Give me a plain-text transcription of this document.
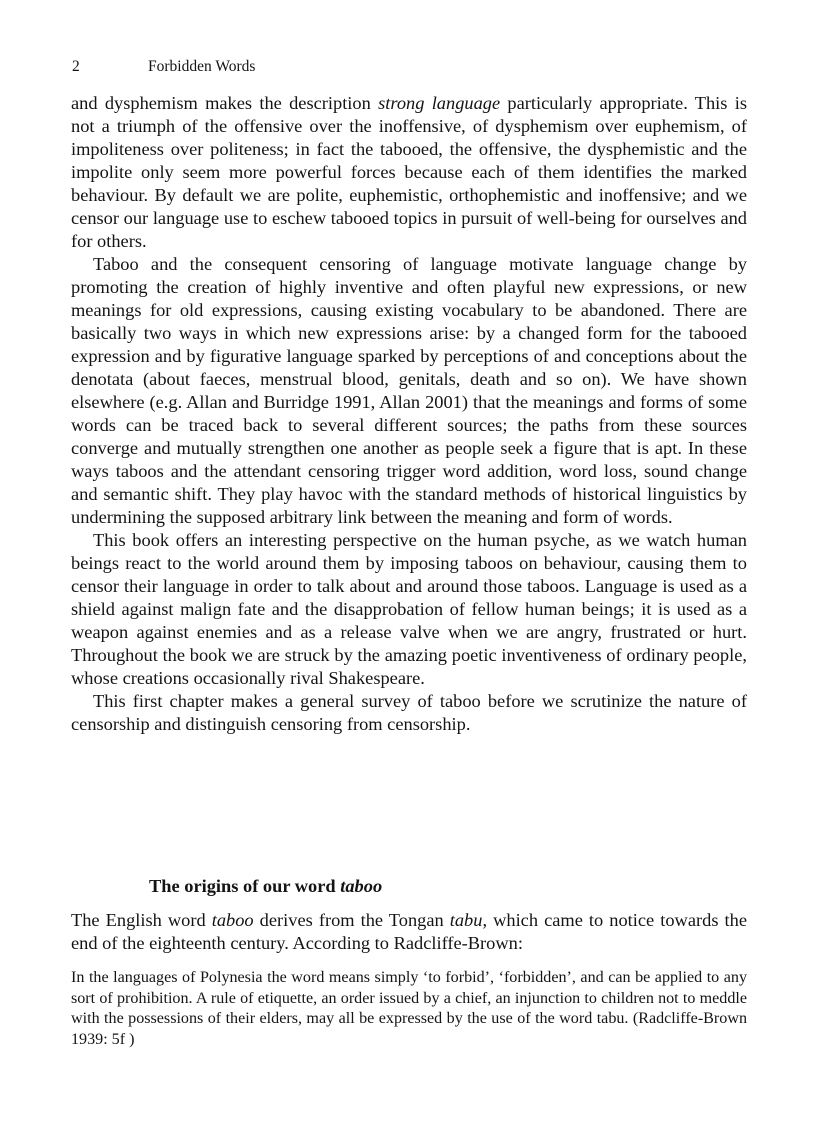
2	Forbidden Words

and dysphemism makes the description strong language particularly appropriate. This is not a triumph of the offensive over the inoffensive, of dysphemism over euphemism, of impoliteness over politeness; in fact the tabooed, the offensive, the dysphemistic and the impolite only seem more powerful forces because each of them identifies the marked behaviour. By default we are polite, euphemistic, orthophemistic and inoffensive; and we censor our language use to eschew tabooed topics in pursuit of well-being for ourselves and for others.

Taboo and the consequent censoring of language motivate language change by promoting the creation of highly inventive and often playful new expressions, or new meanings for old expressions, causing existing vocabulary to be abandoned. There are basically two ways in which new expressions arise: by a changed form for the tabooed expression and by figurative language sparked by perceptions of and conceptions about the denotata (about faeces, menstrual blood, genitals, death and so on). We have shown elsewhere (e.g. Allan and Burridge 1991, Allan 2001) that the meanings and forms of some words can be traced back to several different sources; the paths from these sources converge and mutually strengthen one another as people seek a figure that is apt. In these ways taboos and the attendant censoring trigger word addition, word loss, sound change and semantic shift. They play havoc with the standard methods of historical linguistics by undermining the supposed arbitrary link between the meaning and form of words.

This book offers an interesting perspective on the human psyche, as we watch human beings react to the world around them by imposing taboos on behaviour, causing them to censor their language in order to talk about and around those taboos. Language is used as a shield against malign fate and the disapprobation of fellow human beings; it is used as a weapon against enemies and as a release valve when we are angry, frustrated or hurt. Throughout the book we are struck by the amazing poetic inventiveness of ordinary people, whose creations occasionally rival Shakespeare.

This first chapter makes a general survey of taboo before we scrutinize the nature of censorship and distinguish censoring from censorship.

The origins of our word taboo

The English word taboo derives from the Tongan tabu, which came to notice towards the end of the eighteenth century. According to Radcliffe-Brown:

In the languages of Polynesia the word means simply ‘to forbid’, ‘forbidden’, and can be applied to any sort of prohibition. A rule of etiquette, an order issued by a chief, an injunction to children not to meddle with the possessions of their elders, may all be expressed by the use of the word tabu. (Radcliffe-Brown 1939: 5f )
